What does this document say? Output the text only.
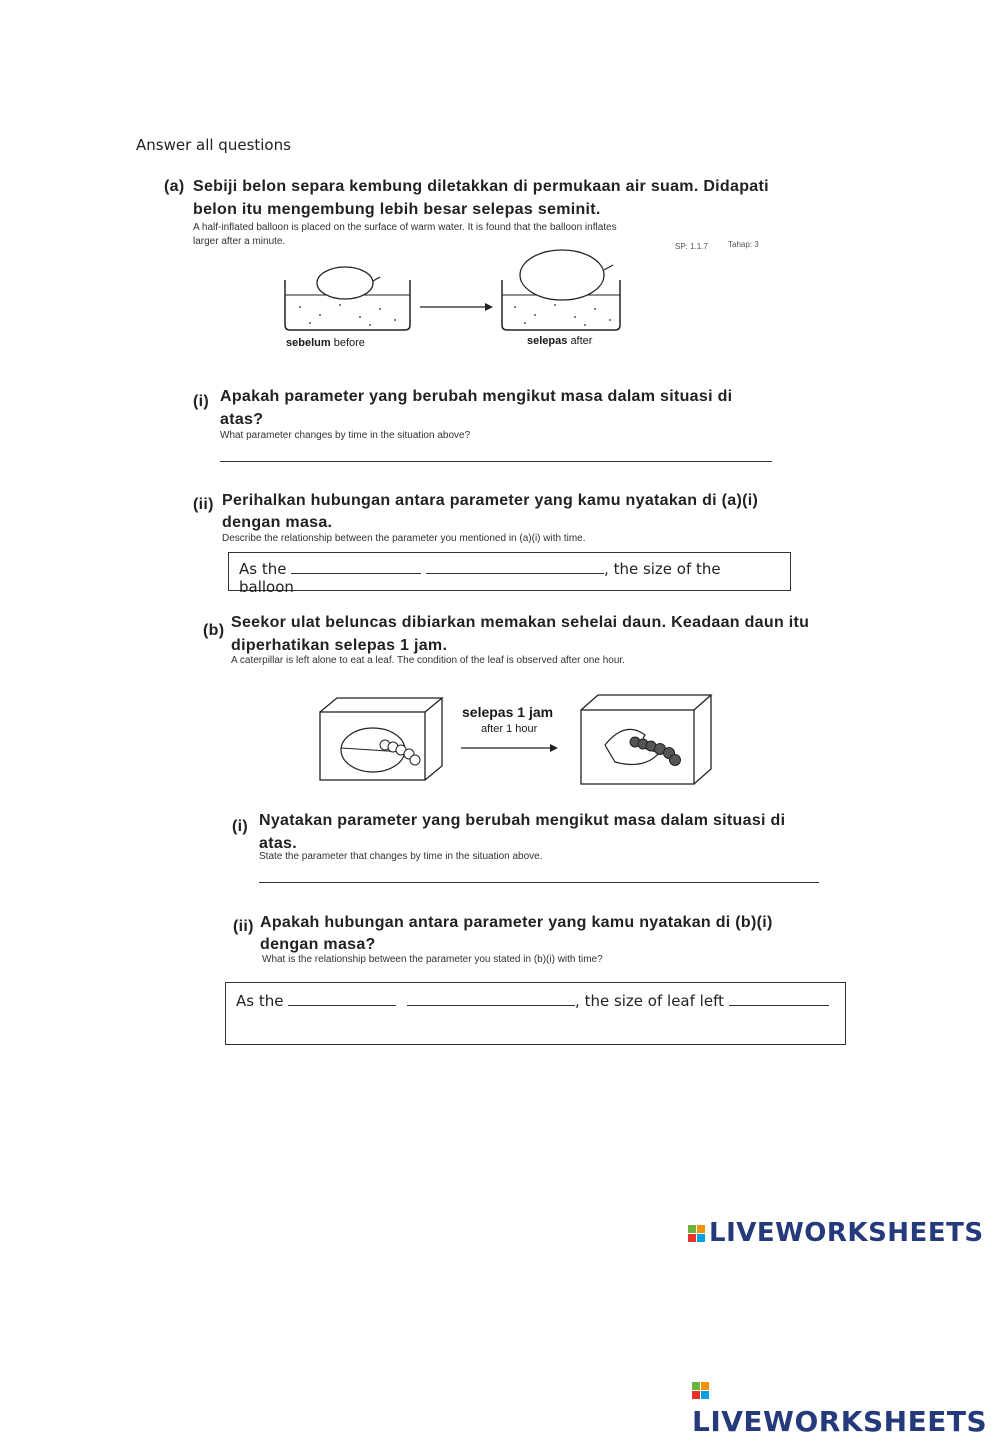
Answer all questions
(a) Sebiji belon separa kembung diletakkan di permukaan air suam. Didapati
belon itu mengembung lebih besar selepas seminit.
A half-inflated balloon is placed on the surface of warm water. It is found that the balloon inflates
larger after a minute.	SP: 1.1.7	Tahap: 3
sebelum before	selepas after
(i) Apakah parameter yang berubah mengikut masa dalam situasi di
atas?
What parameter changes by time in the situation above?
(ii) Perihalkan hubungan antara parameter yang kamu nyatakan di (a)(i)
dengan masa.
Describe the relationship between the parameter you mentioned in (a)(i) with time.
As the	, the size of the balloon
(b) Seekor ulat beluncas dibiarkan memakan sehelai daun. Keadaan daun itu
diperhatikan selepas 1 jam.
A caterpillar is left alone to eat a leaf. The condition of the leaf is observed after one hour.
selepas 1 jam
after 1 hour
(i) Nyatakan parameter yang berubah mengikut masa dalam situasi di
atas.
State the parameter that changes by time in the situation above.
(ii) Apakah hubungan antara parameter yang kamu nyatakan di (b)(i)
dengan masa?
What is the relationship between the parameter you stated in (b)(i) with time?
As the	, the size of leaf left
LIVEWORKSHEETS
LIVEWORKSHEETS
